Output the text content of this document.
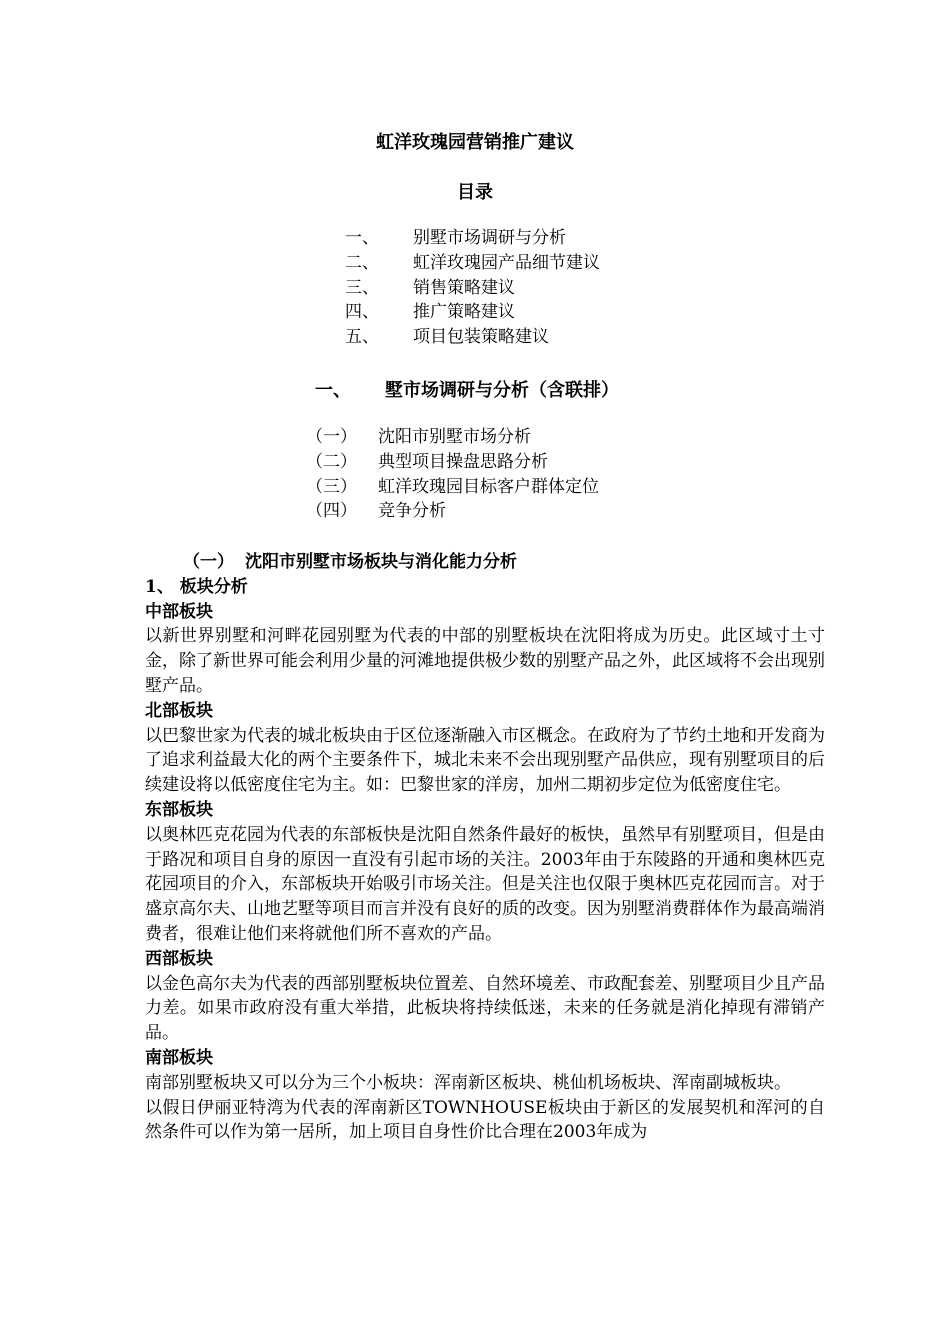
虹洋玫瑰园营销推广建议
目录
一、 别墅市场调研与分析
二、 虹洋玫瑰园产品细节建议
三、 销售策略建议
四、 推广策略建议
五、 项目包装策略建议
一、 墅市场调研与分析（含联排）
（一） 沈阳市别墅市场分析
（二） 典型项目操盘思路分析
（三） 虹洋玫瑰园目标客户群体定位
（四） 竞争分析
（一） 沈阳市别墅市场板块与消化能力分析
1、 板块分析
中部板块

以新世界别墅和河畔花园别墅为代表的中部的别墅板块在沈阳将成为历史。此区域寸土寸金，除了新世界可能会利用少量的河滩地提供极少数的别墅产品之外，此区域将不会出现别墅产品。

北部板块

以巴黎世家为代表的城北板块由于区位逐渐融入市区概念。在政府为了节约土地和开发商为了追求利益最大化的两个主要条件下，城北未来不会出现别墅产品供应，现有别墅项目的后续建设将以低密度住宅为主。如：巴黎世家的洋房，加州二期初步定位为低密度住宅。

东部板块

以奥林匹克花园为代表的东部板快是沈阳自然条件最好的板快，虽然早有别墅项目，但是由于路况和项目自身的原因一直没有引起市场的关注。2003年由于东陵路的开通和奥林匹克花园项目的介入，东部板块开始吸引市场关注。但是关注也仅限于奥林匹克花园而言。对于盛京高尔夫、山地艺墅等项目而言并没有良好的质的改变。因为别墅消费群体作为最高端消费者，很难让他们来将就他们所不喜欢的产品。

西部板块

以金色高尔夫为代表的西部别墅板块位置差、自然环境差、市政配套差、别墅项目少且产品力差。如果市政府没有重大举措，此板块将持续低迷，未来的任务就是消化掉现有滞销产品。

南部板块

南部别墅板块又可以分为三个小板块：浑南新区板块、桃仙机场板块、浑南副城板块。

以假日伊丽亚特湾为代表的浑南新区TOWNHOUSE板块由于新区的发展契机和浑河的自然条件可以作为第一居所，加上项目自身性价比合理在2003年成为
